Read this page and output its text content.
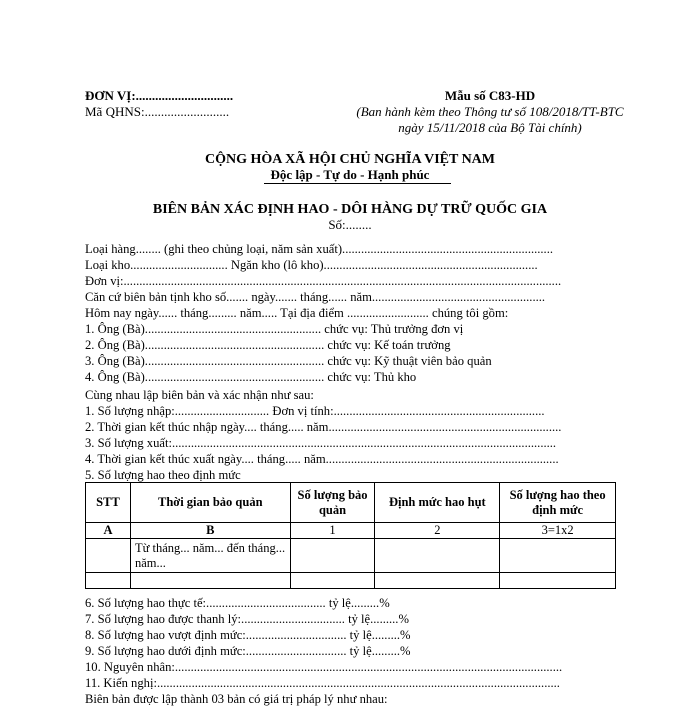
ĐƠN VỊ:..............................
Mã QHNS:..........................
Mẫu số C83-HD
(Ban hành kèm theo Thông tư số 108/2018/TT-BTC
ngày 15/11/2018 của Bộ Tài chính)
CỘNG HÒA XÃ HỘI CHỦ NGHĨA VIỆT NAM
Độc lập - Tự do - Hạnh phúc
BIÊN BẢN XÁC ĐỊNH HAO - DÔI HÀNG DỰ TRỮ QUỐC GIA
Số:........
Loại hàng........ (ghi theo chủng loại, năm sản xuất)...................................................................
Loại kho............................... Ngăn kho (lô kho)....................................................................
Đơn vị:...........................................................................................................................................
Căn cứ biên bản tịnh kho số....... ngày....... tháng...... năm.......................................................
Hôm nay ngày...... tháng......... năm..... Tại địa điểm .......................... chúng tôi gồm:
1. Ông (Bà)........................................................ chức vụ: Thủ trưởng đơn vị
2. Ông (Bà)......................................................... chức vụ: Kế toán trưởng
3. Ông (Bà)......................................................... chức vụ: Kỹ thuật viên bảo quản
4. Ông (Bà)......................................................... chức vụ: Thủ kho
Cùng nhau lập biên bản và xác nhận như sau:
1. Số lượng nhập:.............................. Đơn vị tính:...................................................................
2. Thời gian kết thúc nhập ngày.... tháng..... năm..........................................................................
3. Số lượng xuất:..........................................................................................................................
4. Thời gian kết thúc xuất ngày.... tháng..... năm..........................................................................
5. Số lượng hao theo định mức
STT	Thời gian bảo quản	Số lượng bảo quản	Định mức hao hụt	Số lượng hao theo định mức
A	B	1	2	3=1x2
	Từ tháng... năm... đến tháng... năm...			

6. Số lượng hao thực tế:...................................... tỷ lệ.........%
7. Số lượng hao được thanh lý:................................. tỷ lệ.........%
8. Số lượng hao vượt định mức:................................ tỷ lệ.........%
9. Số lượng hao dưới định mức:................................ tỷ lệ.........%
10. Nguyên nhân:...........................................................................................................................
11. Kiến nghị:................................................................................................................................
Biên bản được lập thành 03 bản có giá trị pháp lý như nhau:
